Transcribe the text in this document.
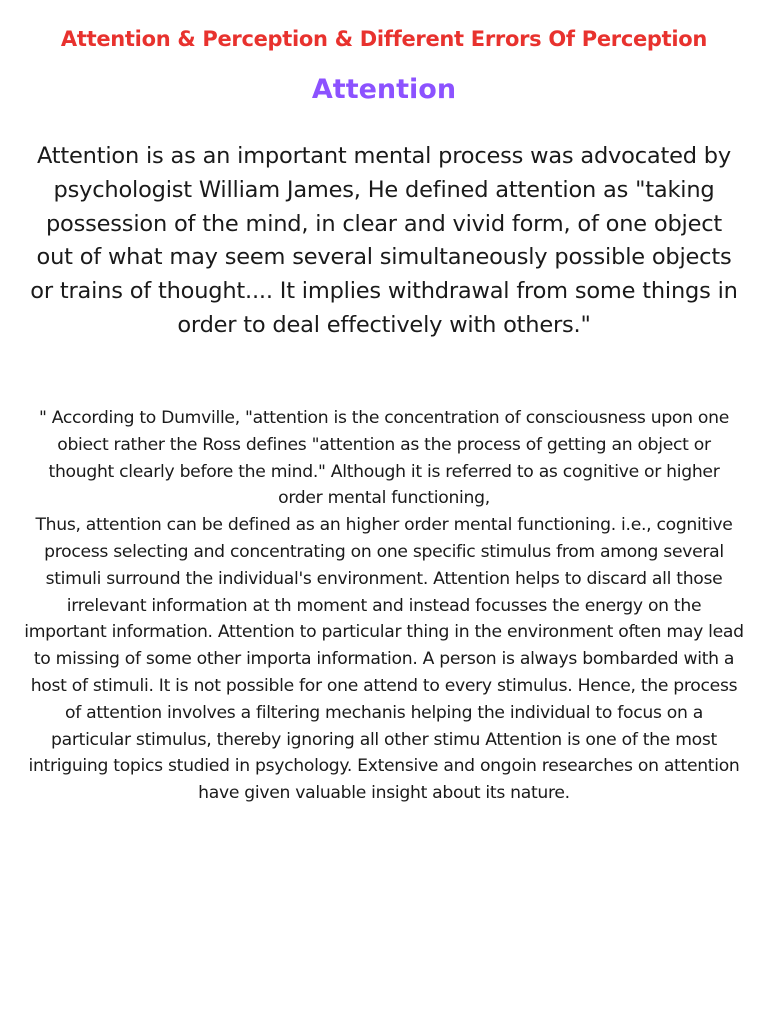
Attention & Perception & Different Errors Of Perception
Attention

Attention is as an important mental process was advocated by psychologist William James, He defined attention as "taking possession of the mind, in clear and vivid form, of one object out of what may seem several simultaneously possible objects or trains of thought.... It implies withdrawal from some things in order to deal effectively with others."

" According to Dumville, "attention is the concentration of consciousness upon one obiect rather the Ross defines "attention as the process of getting an object or thought clearly before the mind." Although it is referred to as cognitive or higher order mental functioning,

Thus, attention can be defined as an higher order mental functioning. i.e., cognitive process selecting and concentrating on one specific stimulus from among several stimuli surround the individual's environment. Attention helps to discard all those irrelevant information at th moment and instead focusses the energy on the important information. Attention to particular thing in the environment often may lead to missing of some other importa information. A person is always bombarded with a host of stimuli. It is not possible for one attend to every stimulus. Hence, the process of attention involves a filtering mechanis helping the individual to focus on a particular stimulus, thereby ignoring all other stimu Attention is one of the most intriguing topics studied in psychology. Extensive and ongoin researches on attention have given valuable insight about its nature.
